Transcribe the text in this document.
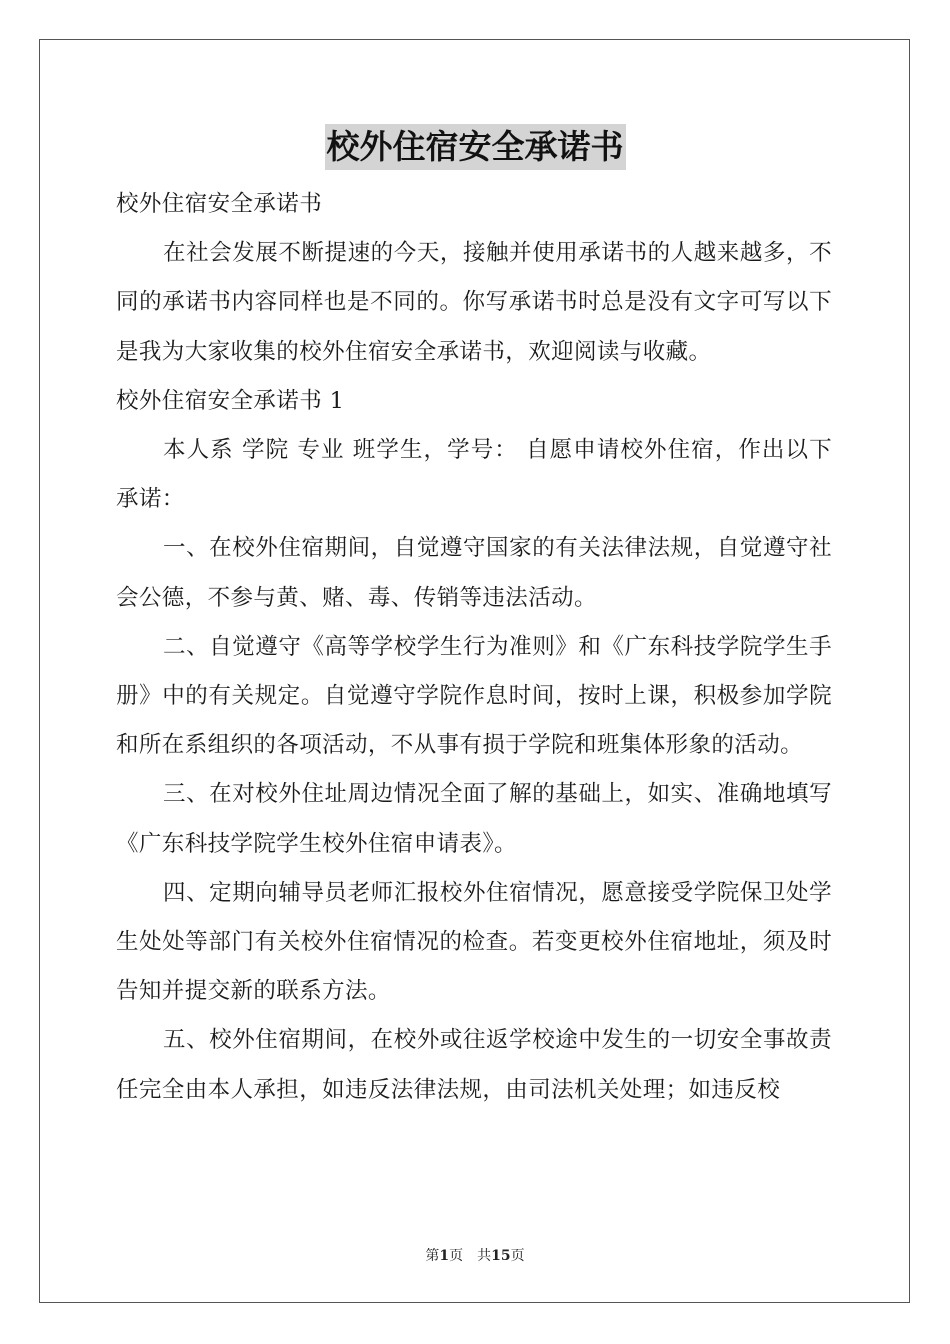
校外住宿安全承诺书

校外住宿安全承诺书

在社会发展不断提速的今天，接触并使用承诺书的人越来越多，不同的承诺书内容同样也是不同的。你写承诺书时总是没有文字可写以下是我为大家收集的校外住宿安全承诺书，欢迎阅读与收藏。

校外住宿安全承诺书 1

本人系 学院 专业 班学生，学号： 自愿申请校外住宿，作出以下承诺：

一、在校外住宿期间，自觉遵守国家的有关法律法规，自觉遵守社会公德，不参与黄、赌、毒、传销等违法活动。

二、自觉遵守《高等学校学生行为准则》和《广东科技学院学生手册》中的有关规定。自觉遵守学院作息时间，按时上课，积极参加学院和所在系组织的各项活动，不从事有损于学院和班集体形象的活动。

三、在对校外住址周边情况全面了解的基础上，如实、准确地填写《广东科技学院学生校外住宿申请表》。

四、定期向辅导员老师汇报校外住宿情况，愿意接受学院保卫处学生处处等部门有关校外住宿情况的检查。若变更校外住宿地址，须及时告知并提交新的联系方法。

五、校外住宿期间，在校外或往返学校途中发生的一切安全事故责任完全由本人承担，如违反法律法规，由司法机关处理；如违反校

第1页 共15页
